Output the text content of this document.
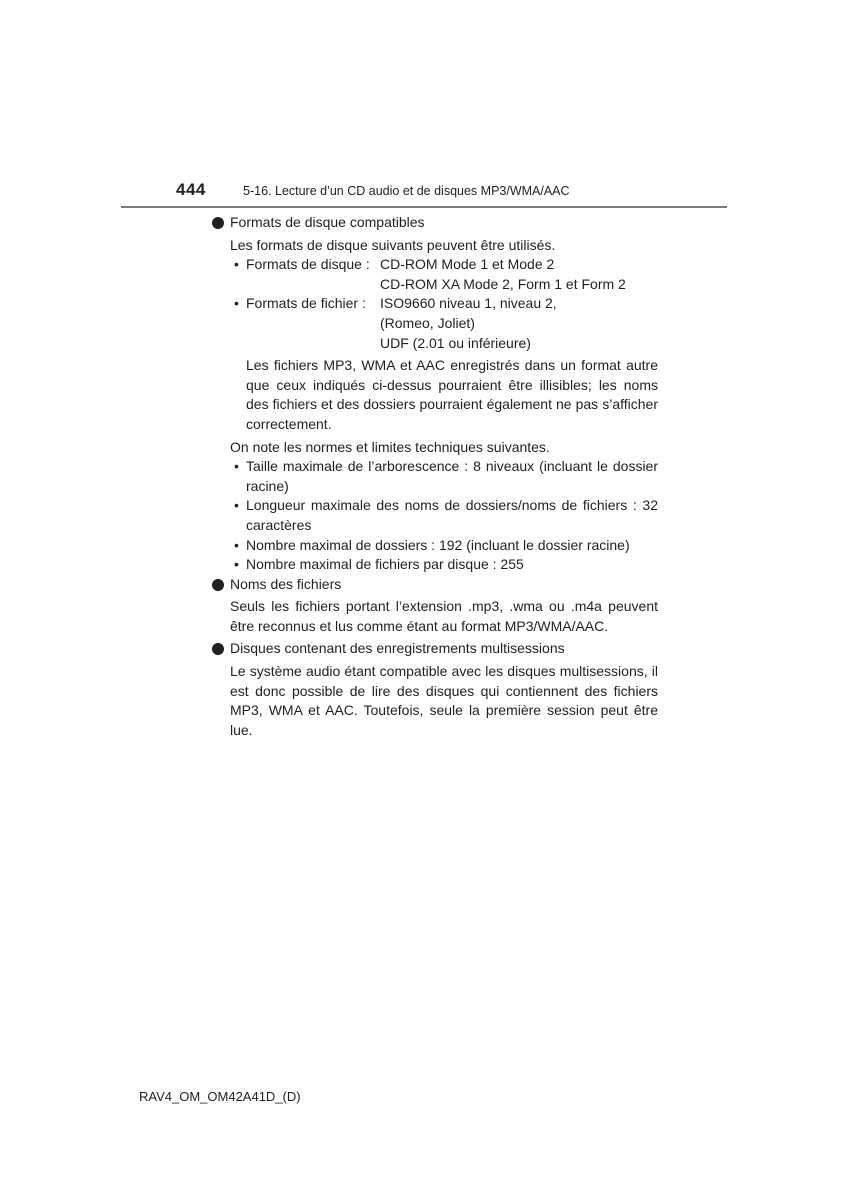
444	5-16. Lecture d’un CD audio et de disques MP3/WMA/AAC
Formats de disque compatibles
Les formats de disque suivants peuvent être utilisés.
• Formats de disque : CD-ROM Mode 1 et Mode 2
CD-ROM XA Mode 2, Form 1 et Form 2
• Formats de fichier :	ISO9660 niveau 1, niveau 2,
(Romeo, Joliet)
UDF (2.01 ou inférieure)
Les fichiers MP3, WMA et AAC enregistrés dans un format autre que ceux indiqués ci-dessus pourraient être illisibles; les noms des fichiers et des dossiers pourraient également ne pas s’afficher correctement.
On note les normes et limites techniques suivantes.
• Taille maximale de l’arborescence : 8 niveaux (incluant le dossier racine)
• Longueur maximale des noms de dossiers/noms de fichiers : 32 caractères
• Nombre maximal de dossiers : 192 (incluant le dossier racine)
• Nombre maximal de fichiers par disque : 255
Noms des fichiers
Seuls les fichiers portant l’extension .mp3, .wma ou .m4a peuvent être reconnus et lus comme étant au format MP3/WMA/AAC.
Disques contenant des enregistrements multisessions
Le système audio étant compatible avec les disques multisessions, il est donc possible de lire des disques qui contiennent des fichiers MP3, WMA et AAC. Toutefois, seule la première session peut être lue.
RAV4_OM_OM42A41D_(D)
